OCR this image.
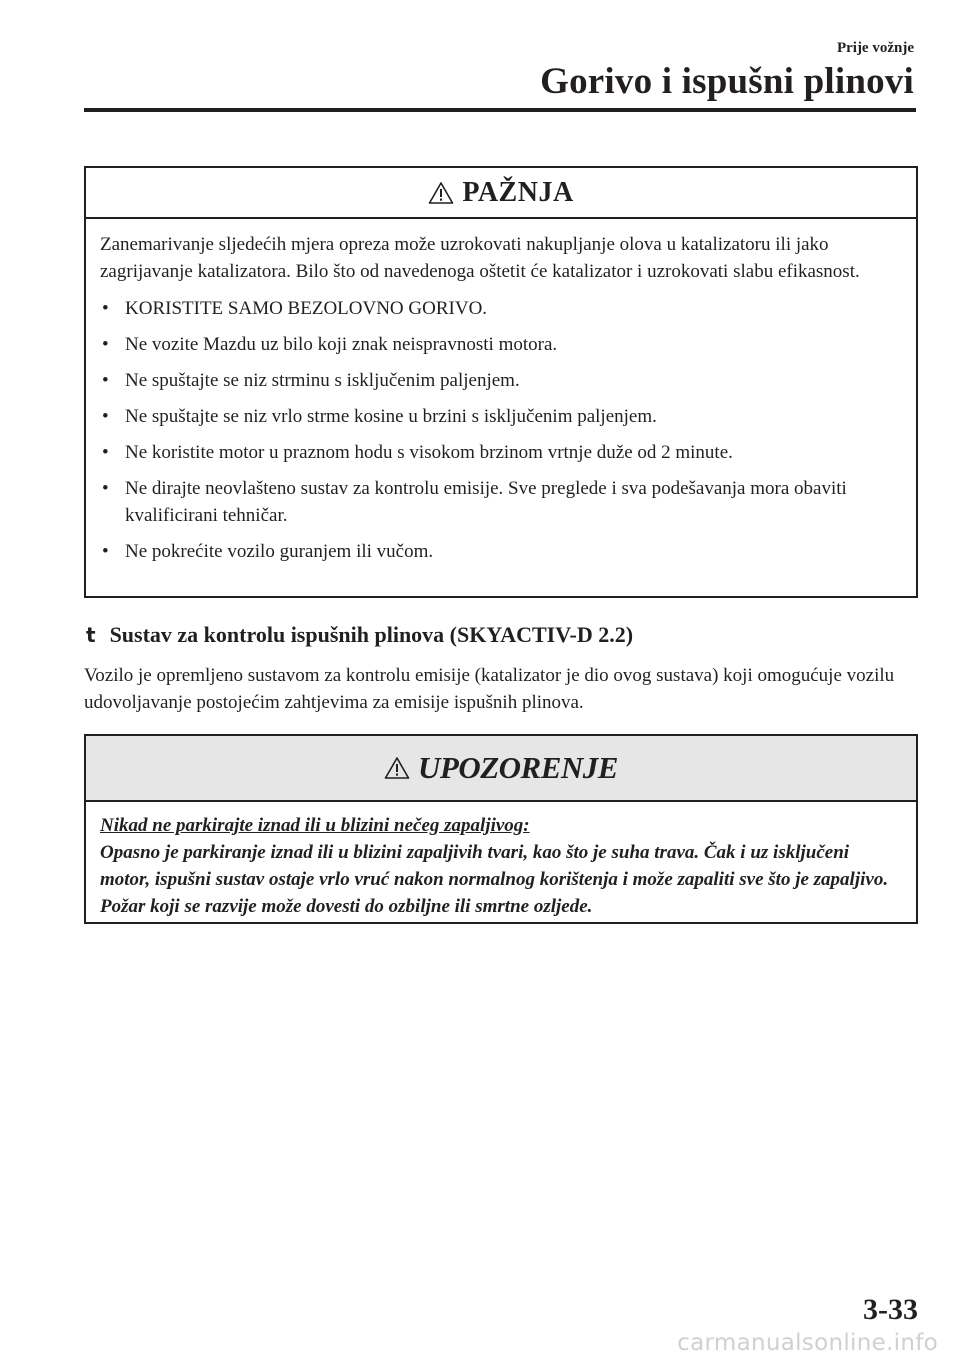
Prije vožnje
Gorivo i ispušni plinovi
PAŽNJA

Zanemarivanje sljedećih mjera opreza može uzrokovati nakupljanje olova u katalizatoru ili jako zagrijavanje katalizatora. Bilo što od navedenoga oštetit će katalizator i uzrokovati slabu efikasnost.

• KORISTITE SAMO BEZOLOVNO GORIVO.
• Ne vozite Mazdu uz bilo koji znak neispravnosti motora.
• Ne spuštajte se niz strminu s isključenim paljenjem.
• Ne spuštajte se niz vrlo strme kosine u brzini s isključenim paljenjem.
• Ne koristite motor u praznom hodu s visokom brzinom vrtnje duže od 2 minute.
• Ne dirajte neovlašteno sustav za kontrolu emisije. Sve preglede i sva podešavanja mora obaviti kvalificirani tehničar.
• Ne pokrećite vozilo guranjem ili vučom.
t Sustav za kontrolu ispušnih plinova (SKYACTIV-D 2.2)

Vozilo je opremljeno sustavom za kontrolu emisije (katalizator je dio ovog sustava) koji omogućuje vozilu udovoljavanje postojećim zahtjevima za emisije ispušnih plinova.

UPOZORENJE
Nikad ne parkirajte iznad ili u blizini nečeg zapaljivog:
Opasno je parkiranje iznad ili u blizini zapaljivih tvari, kao što je suha trava. Čak i uz isključeni motor, ispušni sustav ostaje vrlo vruć nakon normalnog korištenja i može zapaliti sve što je zapaljivo. Požar koji se razvije može dovesti do ozbiljne ili smrtne ozljede.
3-33
carmanualsonline.info
